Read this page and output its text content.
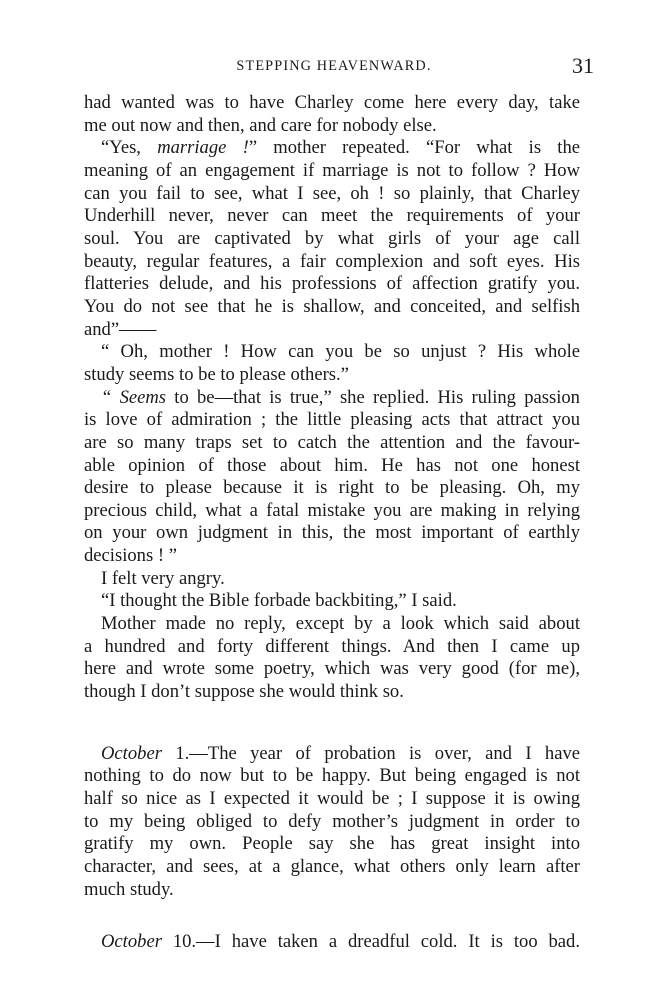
STEPPING HEAVENWARD.	31

had wanted was to have Charley come here every day, take
me out now and then, and care for nobody else.

“Yes, marriage !” mother repeated. “For what is the
meaning of an engagement if marriage is not to follow ? How
can you fail to see, what I see, oh ! so plainly, that Charley
Underhill never, never can meet the requirements of your
soul. You are captivated by what girls of your age call
beauty, regular features, a fair complexion and soft eyes. His
flatteries delude, and his professions of affection gratify you.
You do not see that he is shallow, and conceited, and selfish
and”——

“ Oh, mother ! How can you be so unjust ? His whole
study seems to be to please others.”

“ Seems to be—that is true,” she replied. His ruling passion
is love of admiration ; the little pleasing acts that attract you
are so many traps set to catch the attention and the favour-
able opinion of those about him. He has not one honest
desire to please because it is right to be pleasing. Oh, my
precious child, what a fatal mistake you are making in relying
on your own judgment in this, the most important of earthly
decisions ! ”

I felt very angry.

“I thought the Bible forbade backbiting,” I said.

Mother made no reply, except by a look which said about
a hundred and forty different things. And then I came up
here and wrote some poetry, which was very good (for me),
though I don’t suppose she would think so.

October 1.—The year of probation is over, and I have
nothing to do now but to be happy. But being engaged is not
half so nice as I expected it would be ; I suppose it is owing
to my being obliged to defy mother’s judgment in order to
gratify my own. People say she has great insight into
character, and sees, at a glance, what others only learn after
much study.

October 10.—I have taken a dreadful cold. It is too bad.
